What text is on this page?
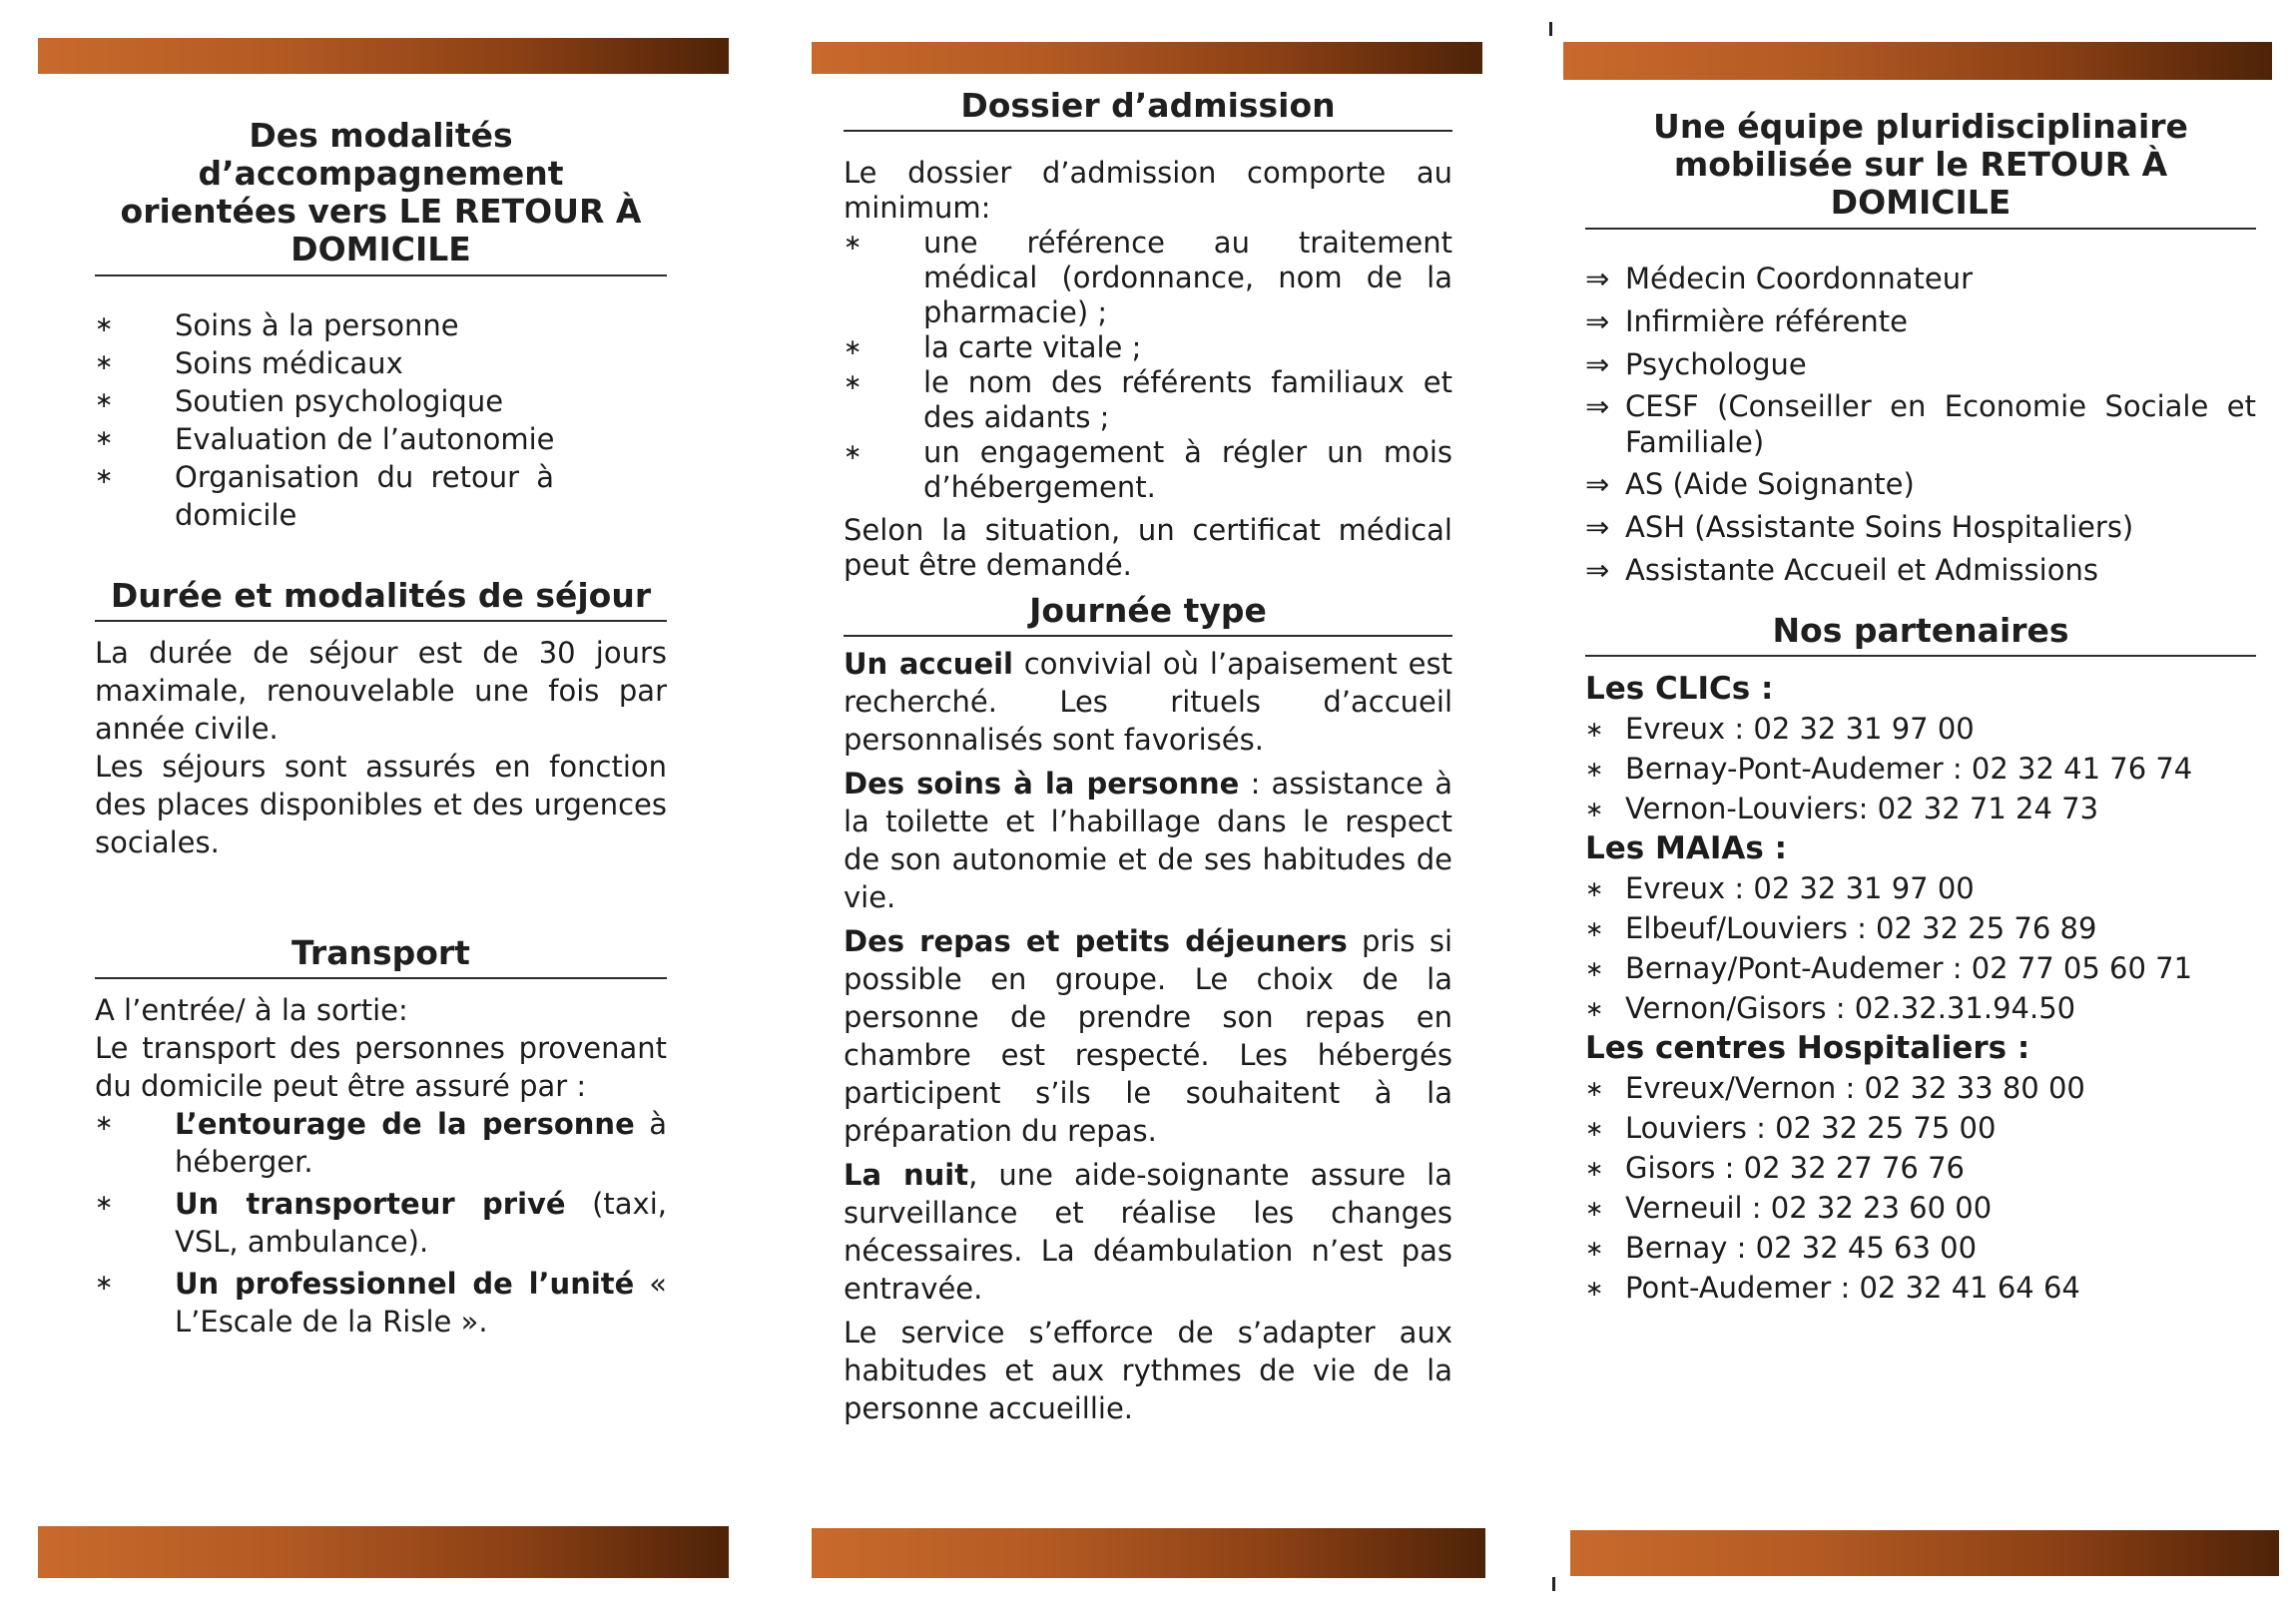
Des modalités d’accompagnement orientées vers LE RETOUR À DOMICILE
∗ Soins à la personne
∗ Soins médicaux
∗ Soutien psychologique
∗ Evaluation de l’autonomie
∗ Organisation du retour à domicile
Durée et modalités de séjour

La durée de séjour est de 30 jours maximale, renouvelable une fois par année civile.

Les séjours sont assurés en fonction des places disponibles et des urgences sociales.

Transport

A l’entrée/ à la sortie:

Le transport des personnes provenant du domicile peut être assuré par :

∗ L’entourage de la personne à héberger.
∗ Un transporteur privé (taxi, VSL, ambulance).
∗ Un professionnel de l’unité « L’Escale de la Risle ».
Dossier d’admission

Le dossier d’admission comporte au minimum:

∗ une référence au traitement médical (ordonnance, nom de la pharmacie) ;
∗ la carte vitale ;
∗ le nom des référents familiaux et des aidants ;
∗ un engagement à régler un mois d’hébergement.

Selon la situation, un certificat médical peut être demandé.

Journée type

Un accueil convivial où l’apaisement est recherché. Les rituels d’accueil personnalisés sont favorisés.

Des soins à la personne : assistance à la toilette et l’habillage dans le respect de son autonomie et de ses habitudes de vie.

Des repas et petits déjeuners pris si possible en groupe. Le choix de la personne de prendre son repas en chambre est respecté. Les hébergés participent s’ils le souhaitent à la préparation du repas.

La nuit, une aide-soignante assure la surveillance et réalise les changes nécessaires. La déambulation n’est pas entravée.

Le service s’efforce de s’adapter aux habitudes et aux rythmes de vie de la personne accueillie.

Une équipe pluridisciplinaire mobilisée sur le RETOUR À DOMICILE
⇒ Médecin Coordonnateur
⇒ Infirmière référente
⇒ Psychologue
⇒ CESF (Conseiller en Economie Sociale et Familiale)
⇒ AS (Aide Soignante)
⇒ ASH (Assistante Soins Hospitaliers)
⇒ Assistante Accueil et Admissions
Nos partenaires
Les CLICs :
∗ Evreux : 02 32 31 97 00
∗ Bernay-Pont-Audemer : 02 32 41 76 74
∗ Vernon-Louviers: 02 32 71 24 73
Les MAIAs :
∗ Evreux : 02 32 31 97 00
∗ Elbeuf/Louviers : 02 32 25 76 89
∗ Bernay/Pont-Audemer : 02 77 05 60 71
∗ Vernon/Gisors : 02.32.31.94.50
Les centres Hospitaliers :
∗ Evreux/Vernon : 02 32 33 80 00
∗ Louviers : 02 32 25 75 00
∗ Gisors : 02 32 27 76 76
∗ Verneuil : 02 32 23 60 00
∗ Bernay : 02 32 45 63 00
∗ Pont-Audemer : 02 32 41 64 64
